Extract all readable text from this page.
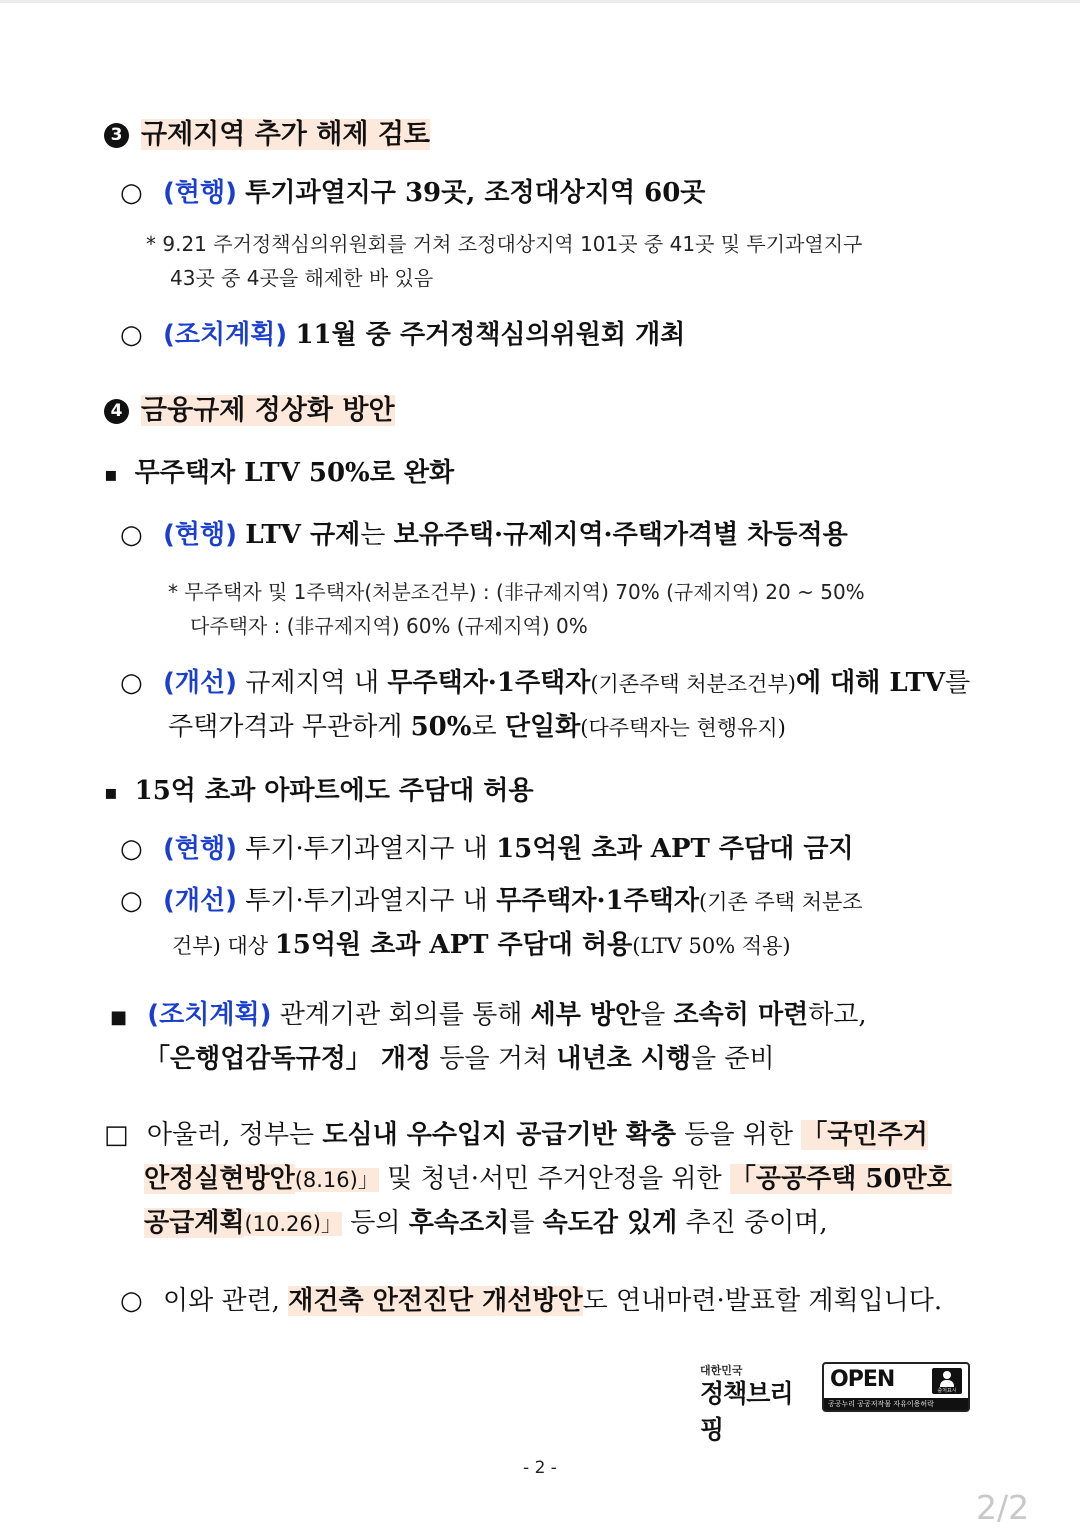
3 규제지역 추가 해제 검토
○ (현행) 투기과열지구 39곳, 조정대상지역 60곳
* 9.21 주거정책심의위원회를 거쳐 조정대상지역 101곳 중 41곳 및 투기과열지구
43곳 중 4곳을 해제한 바 있음
○ (조치계획) 11월 중 주거정책심의위원회 개최
4 금융규제 정상화 방안
▪ 무주택자 LTV 50%로 완화
○ (현행) LTV 규제는 보유주택·규제지역·주택가격별 차등적용
* 무주택자 및 1주택자(처분조건부) : (非규제지역) 70% (규제지역) 20 ~ 50%
다주택자 : (非규제지역) 60% (규제지역) 0%
○ (개선) 규제지역 내 무주택자·1주택자(기존주택 처분조건부)에 대해 LTV를
주택가격과 무관하게 50%로 단일화(다주택자는 현행유지)
▪ 15억 초과 아파트에도 주담대 허용
○ (현행) 투기·투기과열지구 내 15억원 초과 APT 주담대 금지
○ (개선) 투기·투기과열지구 내 무주택자·1주택자(기존 주택 처분조
건부) 대상 15억원 초과 APT 주담대 허용(LTV 50% 적용)
■ (조치계획) 관계기관 회의를 통해 세부 방안을 조속히 마련하고,
「은행업감독규정」 개정 등을 거쳐 내년초 시행을 준비
□ 아울러, 정부는 도심내 우수입지 공급기반 확충 등을 위한 「국민주거
안정실현방안(8.16)」 및 청년·서민 주거안정을 위한 「공공주택 50만호
공급계획(10.26)」 등의 후속조치를 속도감 있게 추진 중이며,
○ 이와 관련, 재건축 안전진단 개선방안도 연내마련·발표할 계획입니다.
대한민국
정책브리핑
OPEN	출처표시
공공누리 공공저작물 자유이용허락
- 2 -
2/2
